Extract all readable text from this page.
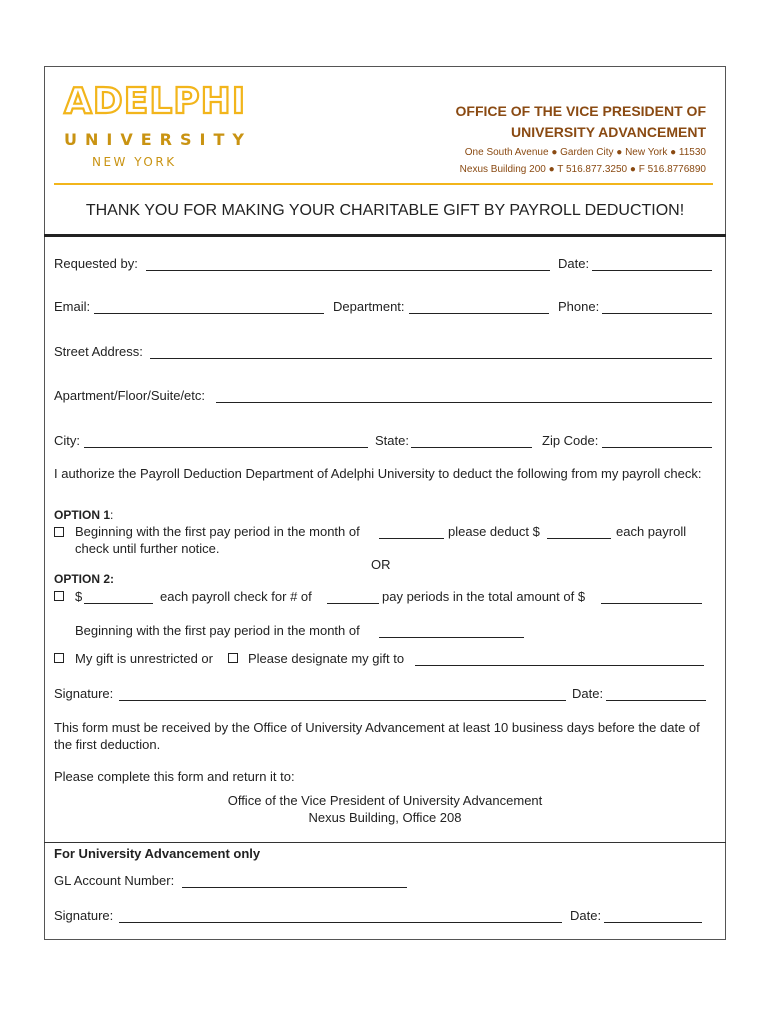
ADELPHI
UNIVERSITY
NEW YORK
OFFICE OF THE VICE PRESIDENT OF
UNIVERSITY ADVANCEMENT
One South Avenue ● Garden City ● New York ● 11530
Nexus Building 200 ● T 516.877.3250 ● F 516.8776890
THANK YOU FOR MAKING YOUR CHARITABLE GIFT BY PAYROLL DEDUCTION!
Requested by:	Date:
Email:	Department:	Phone:
Street Address:
Apartment/Floor/Suite/etc:
City:	State:	Zip Code:
I authorize the Payroll Deduction Department of Adelphi University to deduct the following from my payroll check:
OPTION 1:
Beginning with the first pay period in the month of	please deduct $	each payroll
check until further notice.
OR
OPTION 2:
$	each payroll check for # of	pay periods in the total amount of $
Beginning with the first pay period in the month of
My gift is unrestricted or	Please designate my gift to
Signature:	Date:
This form must be received by the Office of University Advancement at least 10 business days before the date of the first deduction.
Please complete this form and return it to:
Office of the Vice President of University Advancement
Nexus Building, Office 208
For University Advancement only
GL Account Number:
Signature:	Date:
